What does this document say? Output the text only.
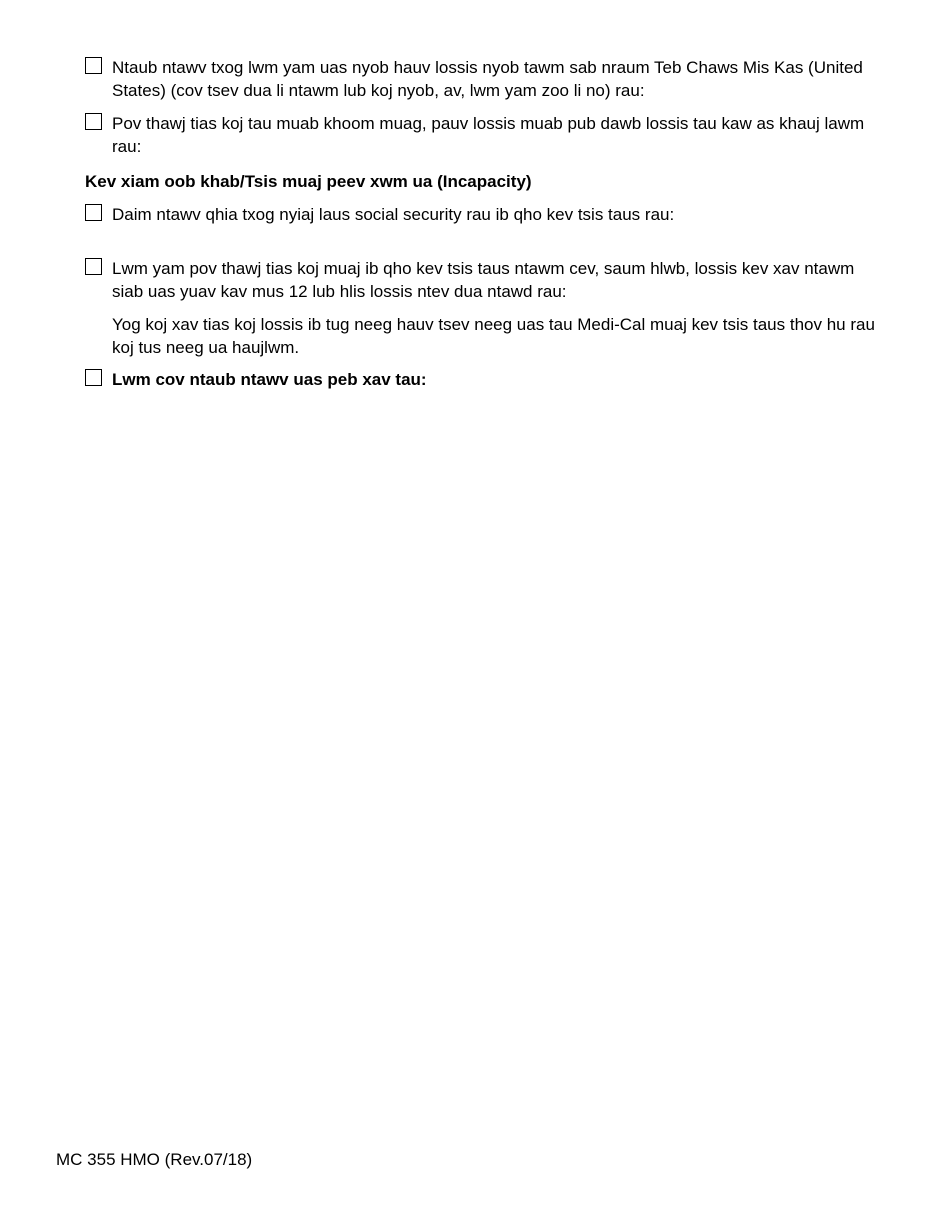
Ntaub ntawv txog lwm yam uas nyob hauv lossis nyob tawm sab nraum Teb Chaws Mis Kas (United States) (cov tsev dua li ntawm lub koj nyob, av, lwm yam zoo li no) rau:
Pov thawj tias koj tau muab khoom muag, pauv lossis muab pub dawb lossis tau kaw as khauj lawm rau:
Kev xiam oob khab/Tsis muaj peev xwm ua (Incapacity)
Daim ntawv qhia txog nyiaj laus social security rau ib qho kev tsis taus rau:
Lwm yam pov thawj tias koj muaj ib qho kev tsis taus ntawm cev, saum hlwb, lossis kev xav ntawm siab uas yuav kav mus 12 lub hlis lossis ntev dua ntawd rau:
Yog koj xav tias koj lossis ib tug neeg hauv tsev neeg uas tau Medi-Cal muaj kev tsis taus thov hu rau koj tus neeg ua haujlwm.
Lwm cov ntaub ntawv uas peb xav tau:
MC 355 HMO (Rev.07/18)
